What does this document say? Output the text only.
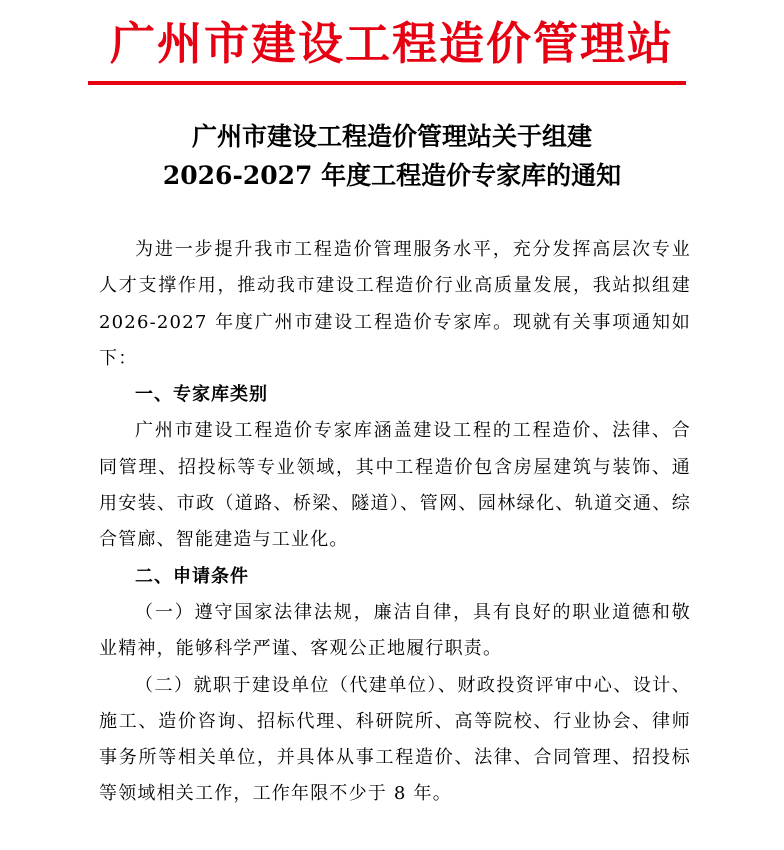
广州市建设工程造价管理站
广州市建设工程造价管理站关于组建
2026-2027 年度工程造价专家库的通知

为进一步提升我市工程造价管理服务水平，充分发挥高层次专业人才支撑作用，推动我市建设工程造价行业高质量发展，我站拟组建 2026-2027 年度广州市建设工程造价专家库。现就有关事项通知如下：

一、专家库类别

广州市建设工程造价专家库涵盖建设工程的工程造价、法律、合同管理、招投标等专业领域，其中工程造价包含房屋建筑与装饰、通用安装、市政（道路、桥梁、隧道）、管网、园林绿化、轨道交通、综合管廊、智能建造与工业化。

二、申请条件

（一）遵守国家法律法规，廉洁自律，具有良好的职业道德和敬业精神，能够科学严谨、客观公正地履行职责。

（二）就职于建设单位（代建单位）、财政投资评审中心、设计、施工、造价咨询、招标代理、科研院所、高等院校、行业协会、律师事务所等相关单位，并具体从事工程造价、法律、合同管理、招投标等领域相关工作，工作年限不少于 8 年。
